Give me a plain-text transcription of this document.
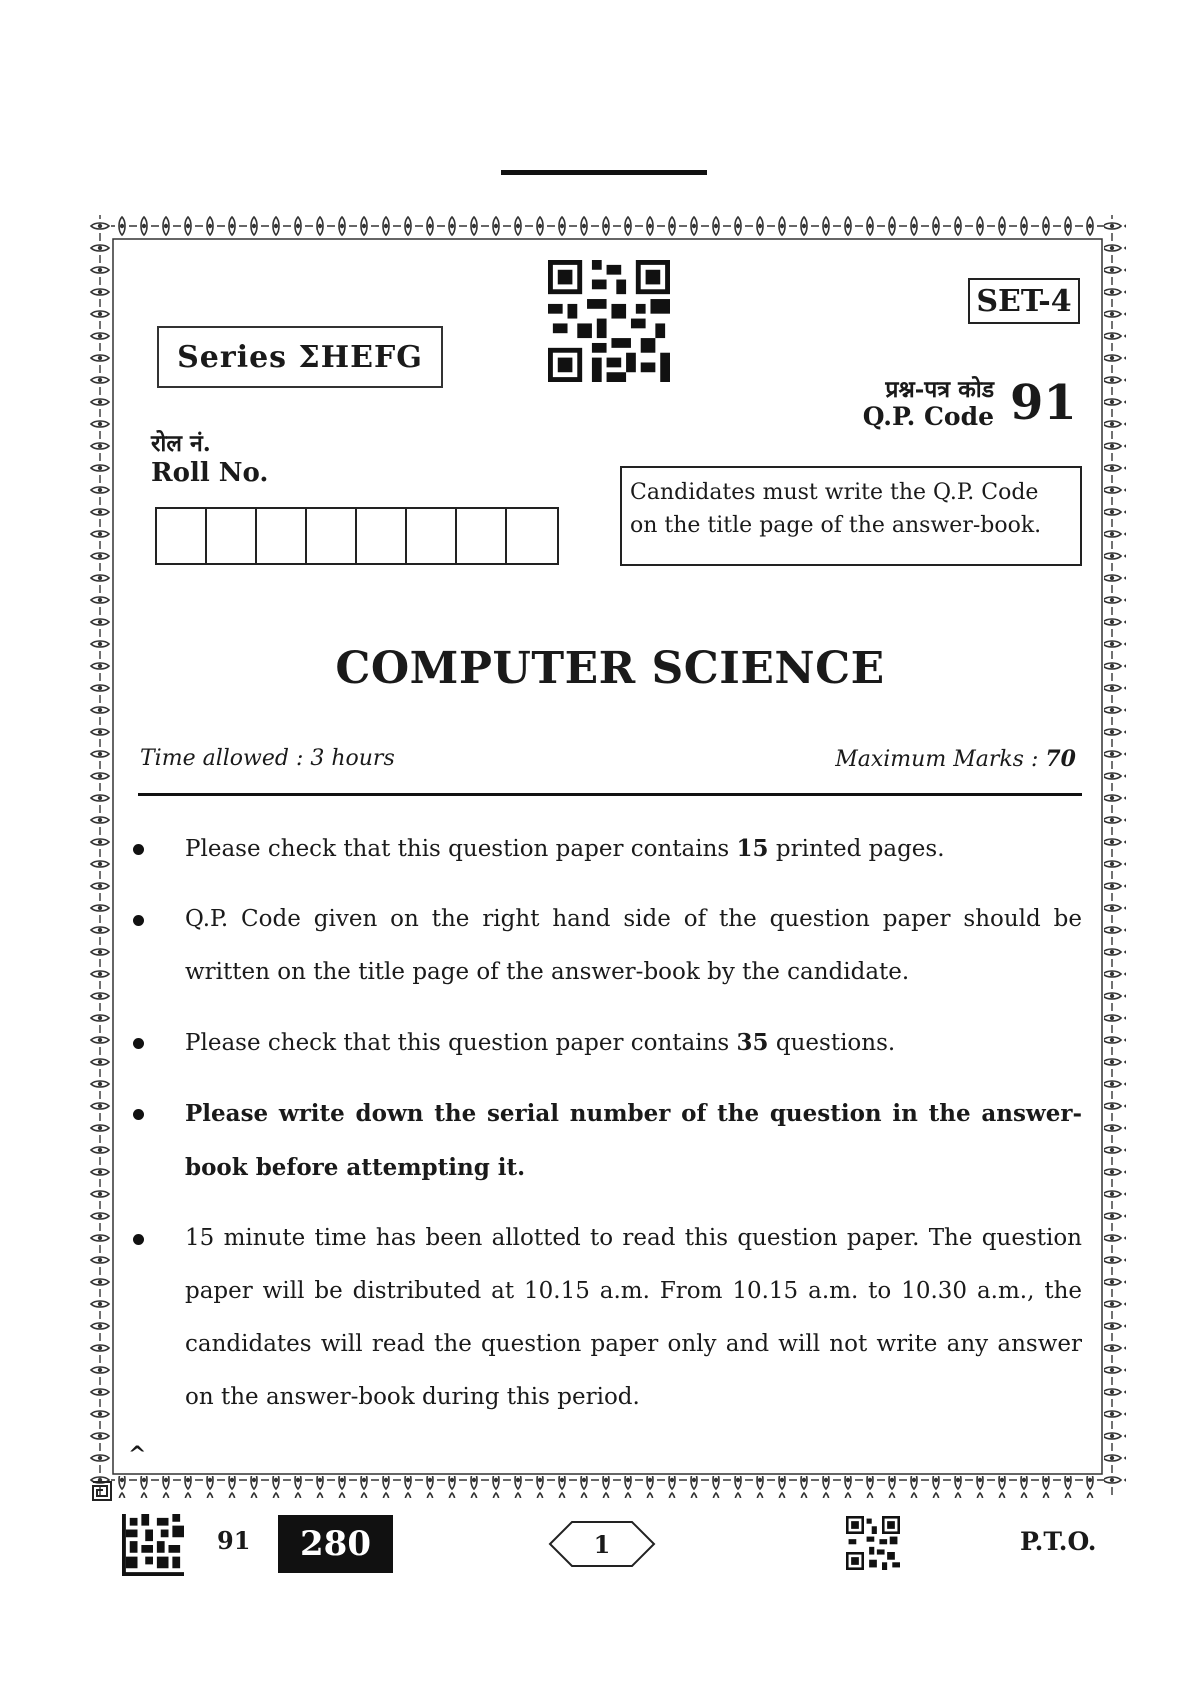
SET-4
Series ΣHEFG
प्रश्न-पत्र कोड
Q.P. Code 91
रोल नं.
Roll No.
Candidates must write the Q.P. Code on the title page of the answer-book.
COMPUTER SCIENCE
Time allowed : 3 hours	Maximum Marks : 70
Please check that this question paper contains 15 printed pages.
Q.P. Code given on the right hand side of the question paper should be written on the title page of the answer-book by the candidate.
Please check that this question paper contains 35 questions.
Please write down the serial number of the question in the answer-book before attempting it.
15 minute time has been allotted to read this question paper. The question paper will be distributed at 10.15 a.m. From 10.15 a.m. to 10.30 a.m., the candidates will read the question paper only and will not write any answer on the answer-book during this period.
^
91 280	1	P.T.O.
